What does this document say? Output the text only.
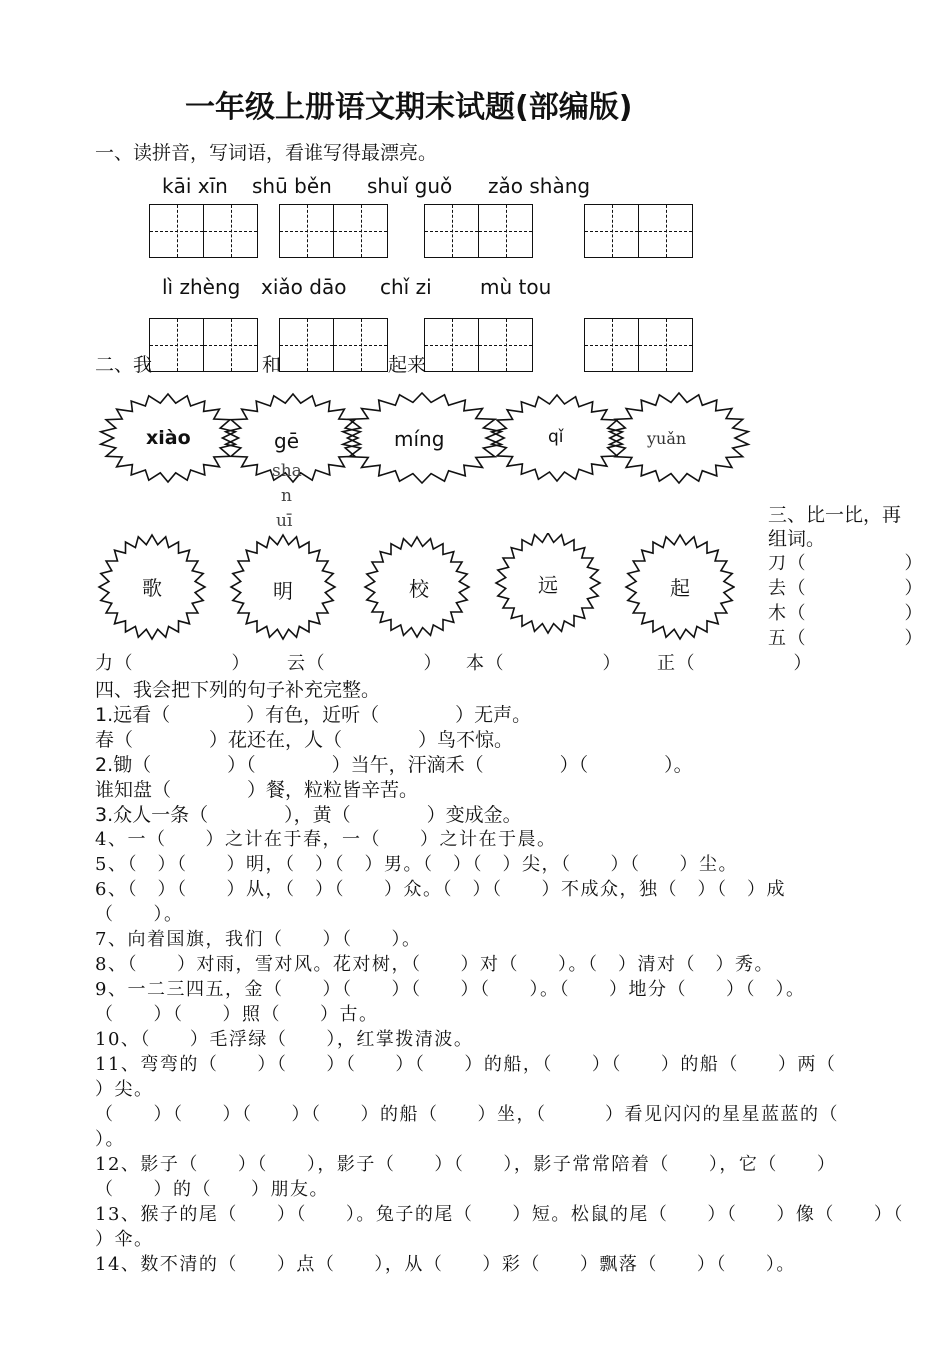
一年级上册语文期末试题(部编版)
一、读拼音，写词语，看谁写得最漂亮。
kāi xīn shū běn shuǐ guǒ zǎo shàng
lì zhèng xiǎo dāo chǐ zi mù tou
二、我	和	起来
xiào	gē	míng	qǐ	yuǎn
sha
n
uī
歌	明	校	远	起
三、比一比，再
组词。
刀（　　　　　）
去（　　　　　）
木（　　　　　）
五（　　　　　）
力（　　　　　） 云（　　　　　） 本（　　　　　） 正（　　　　　）
四、我会把下列的句子补充完整。
1.远看（　　　　）有色，近听（　　　　）无声。
春（　　　　）花还在，人（　　　　）鸟不惊。
2.锄（　　　　）（　　　　）当午，汗滴禾（　　　　）（　　　　）。
谁知盘（　　　　）餐，粒粒皆辛苦。
3.众人一条（　　　　），黄（　　　　）变成金。
4、一（　　）之计在于春，一（　　）之计在于晨。
5、（　）（　　）明，（　）（　）男。（　）（　）尖，（　　）（　　）尘。
6、（　）（　　）从，（　）（　　）众。（　）（　　）不成众，独（　）（　）成
（　　）。
7、向着国旗，我们（　　）（　　）。
8、（　　）对雨，雪对风。花对树，（　　）对（　　）。（　）清对（　）秀。
9、一二三四五，金（　　）（　　）（　　）（　　）。（　　）地分（　　）（　）。
（　　）（　　）照（　　）古。
10、（　　）毛浮绿（　　），红掌拨清波。
11、弯弯的（　　）（　　）（　　）（　　）的船，（　　）（　　）的船（　　）两（
）尖。
（　　）（　　）（　　）（　　）的船（　　）坐，（　　　）看见闪闪的星星蓝蓝的（
）。
12、影子（　　）（　　），影子（　　）（　　），影子常常陪着（　　），它（　　）
（　　）的（　　）朋友。
13、猴子的尾（　　）（　　）。兔子的尾（　　）短。松鼠的尾（　　）（　　）像（　　）（
）伞。
14、数不清的（　　）点（　　），从（　　）彩（　　）飘落（　　）（　　）。
